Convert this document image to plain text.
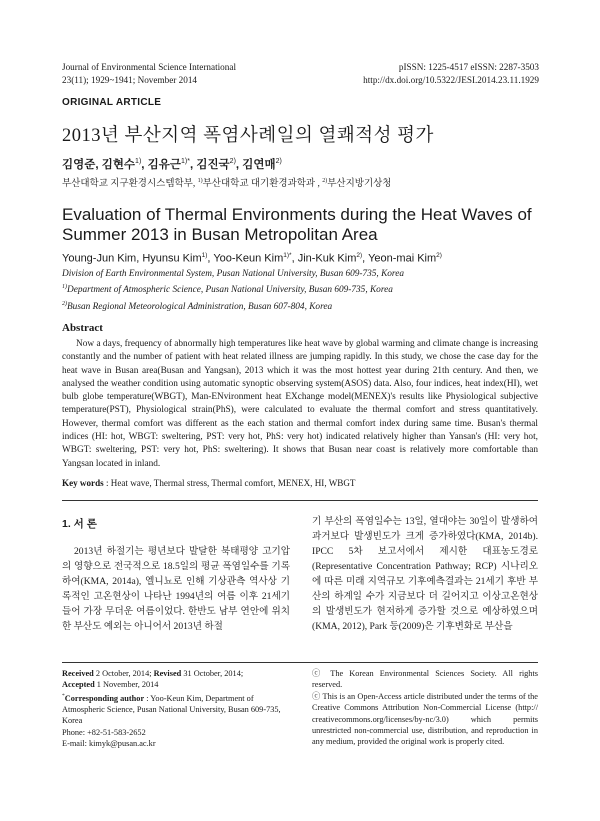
Journal of Environmental Science International
23(11); 1929~1941; November 2014
pISSN: 1225-4517 eISSN: 2287-3503
http://dx.doi.org/10.5322/JESI.2014.23.11.1929
ORIGINAL ARTICLE
2013년 부산지역 폭염사례일의 열쾌적성 평가
김영준, 김현수$^{1)}$, 김유근$^{1)*}$, 김진국$^{2)}$, 김연매$^{2)}$
부산대학교 지구환경시스템학부, $^{1)}$부산대학교 대기환경과학과 , $^{2)}$부산지방기상청
Evaluation of Thermal Environments during the Heat Waves of Summer 2013 in Busan Metropolitan Area
Young-Jun Kim, Hyunsu Kim$^{1)}$, Yoo-Keun Kim$^{1)*}$, Jin-Kuk Kim$^{2)}$, Yeon-mai Kim$^{2)}$
Division of Earth Environmental System, Pusan National University, Busan 609-735, Korea
$^{1)}$Department of Atmospheric Science, Pusan National University, Busan 609-735, Korea
$^{2)}$Busan Regional Meteorological Administration, Busan 607-804, Korea
Abstract
Now a days, frequency of abnormally high temperatures like heat wave by global warming and climate change is increasing constantly and the number of patient with heat related illness are jumping rapidly. In this study, we chose the case day for the heat wave in Busan area(Busan and Yangsan), 2013 which it was the most hottest year during 21th century. And then, we analysed the weather condition using automatic synoptic observing system(ASOS) data. Also, four indices, heat index(HI), wet bulb globe temperature(WBGT), Man-ENvironment heat EXchange model(MENEX)'s results like Physiological subjective temperature(PST), Physiological strain(PhS), were calculated to evaluate the thermal comfort and stress quantitatively. However, thermal comfort was different as the each station and thermal comfort index during same time. Busan's thermal indices (HI: hot, WBGT: sweltering, PST: very hot, PhS: very hot) indicated relatively higher than Yansan's (HI: very hot, WBGT: sweltering, PST: very hot, PhS: sweltering). It shows that Busan near coast is relatively more comfortable than Yangsan located in inland.
Key words : Heat wave, Thermal stress, Thermal comfort, MENEX, HI, WBGT
1. 서 론
2013년 하절기는 평년보다 발달한 북태평양 고기압의 영향으로 전국적으로 18.5일의 평균 폭염일수를 기록하여(KMA, 2014a), 엘니뇨로 인해 기상관측 역사상 기록적인 고온현상이 나타난 1994년의 여름 이후 21세기 들어 가장 무더운 여름이었다. 한반도 남부 연안에 위치한 부산도 예외는 아니어서 2013년 하절
기 부산의 폭염일수는 13일, 열대야는 30일이 발생하여 과거보다 발생빈도가 크게 증가하였다(KMA, 2014b). IPCC 5차 보고서에서 제시한 대표농도경로(Representative Concentration Pathway; RCP) 시나리오에 따른 미래 지역규모 기후예측결과는 21세기 후반 부산의 하계일 수가 지금보다 더 길어지고 이상고온현상의 발생빈도가 현저하게 증가할 것으로 예상하였으며(KMA, 2012), Park 등(2009)은 기후변화로 부산을
Received 2 October, 2014; Revised 31 October, 2014;
Accepted 1 November, 2014
*Corresponding author : Yoo-Keun Kim, Department of Atmospheric Science, Pusan National University, Busan 609-735, Korea
Phone: +82-51-583-2652
E-mail: kimyk@pusan.ac.kr
ⓒ The Korean Environmental Sciences Society. All rights reserved.
ⓒ This is an Open-Access article distributed under the terms of the Creative Commons Attribution Non-Commercial License (http:// creativecommons.org/licenses/by-nc/3.0) which permits unrestricted non-commercial use, distribution, and reproduction in any medium, provided the original work is properly cited.
